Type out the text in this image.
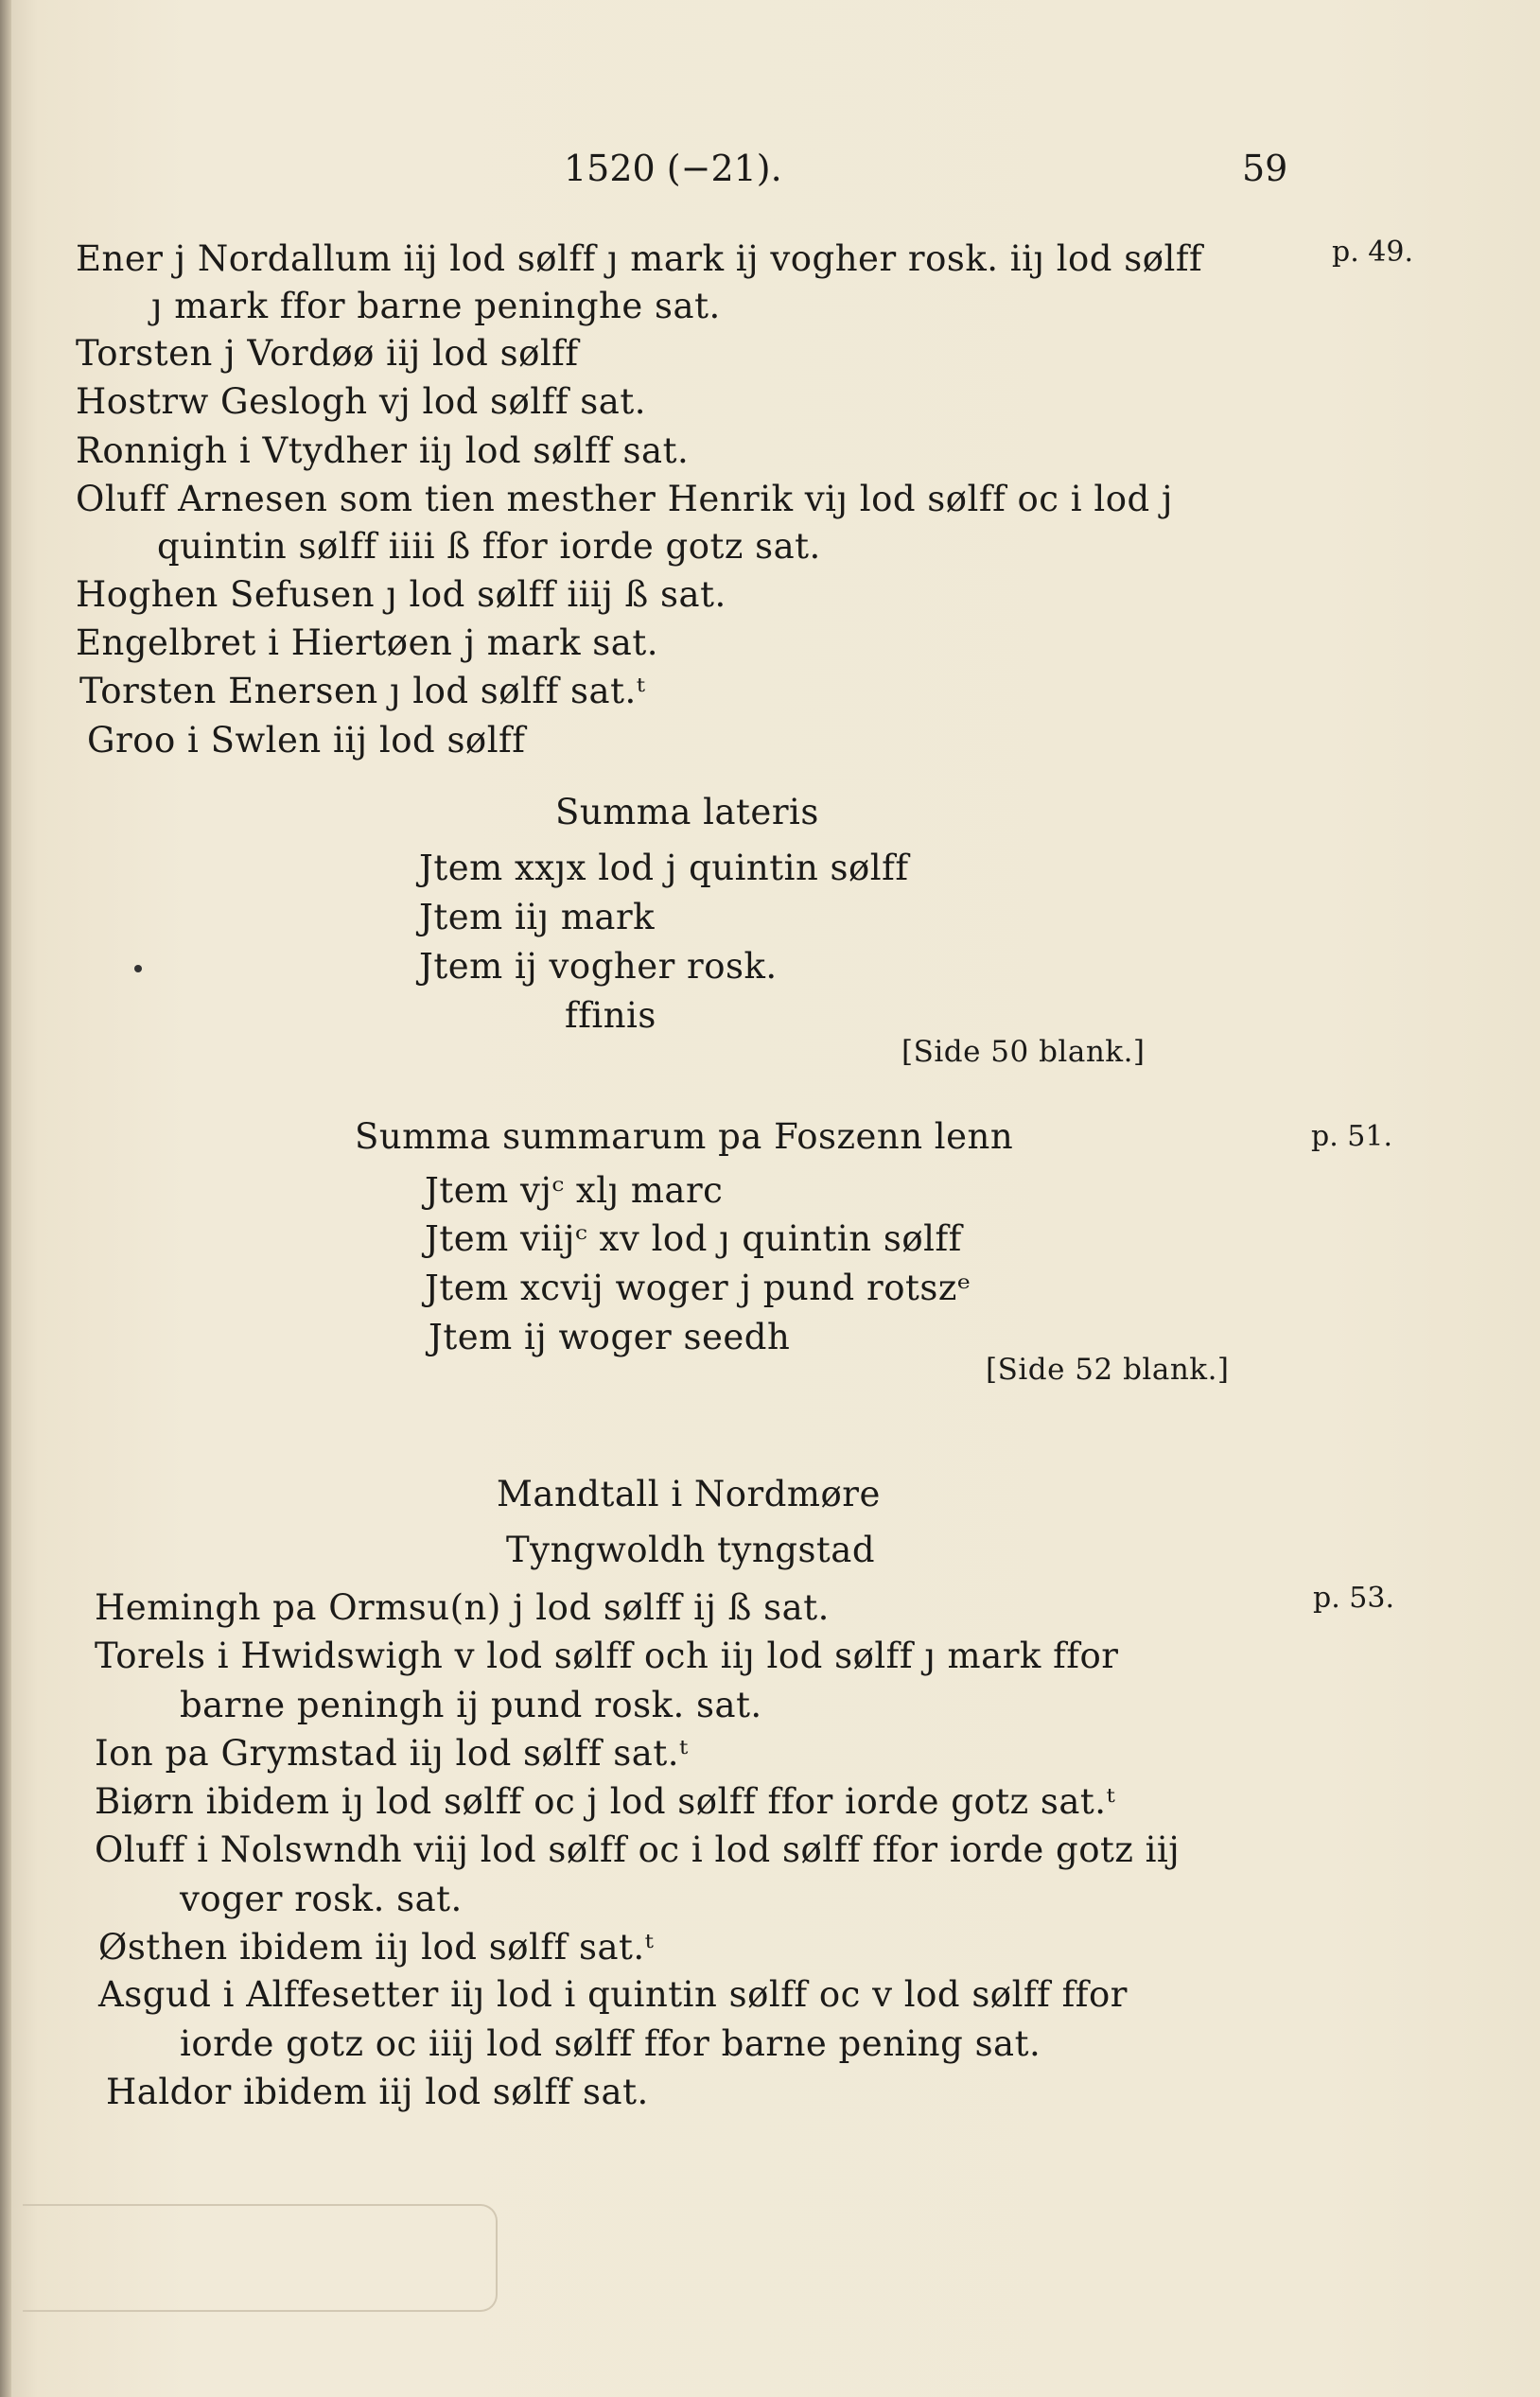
1520 (−21).	59
p. 49.
p. 51.
p. 53.
Ener j Nordallum iij lod sølff ȷ mark ij vogher rosk. iiȷ lod sølff
ȷ mark ffor barne peninghe sat.
Torsten j Vordøø iij lod sølff
Hostrw Geslogh vj lod sølff sat.
Ronnigh i Vtydher iiȷ lod sølff sat.
Oluff Arnesen som tien mesther Henrik viȷ lod sølff oc i lod j
quintin sølff iiii ß ffor iorde gotz sat.
Hoghen Sefusen ȷ lod sølff iiij ß sat.
Engelbret i Hiertøen j mark sat.
Torsten Enersen ȷ lod sølff sat.ᵗ
Groo i Swlen iij lod sølff
Summa lateris
Jtem xxȷx lod j quintin sølff
Jtem iiȷ mark
Jtem ij vogher rosk.
ffinis
[Side 50 blank.]
Summa summarum pa Foszenn lenn
Jtem vjᶜ xlȷ marc
Jtem viijᶜ xv lod ȷ quintin sølff
Jtem xcvij woger j pund rotszᵉ
Jtem ij woger seedh
[Side 52 blank.]
Mandtall i Nordmøre
Tyngwoldh tyngstad
Hemingh pa Ormsu(n) j lod sølff ij ß sat.
Torels i Hwidswigh v lod sølff och iiȷ lod sølff ȷ mark ffor
barne peningh ij pund rosk. sat.
Ion pa Grymstad iiȷ lod sølff sat.ᵗ
Biørn ibidem iȷ lod sølff oc j lod sølff ffor iorde gotz sat.ᵗ
Oluff i Nolswndh viij lod sølff oc i lod sølff ffor iorde gotz iij
voger rosk. sat.
Østhen ibidem iiȷ lod sølff sat.ᵗ
Asgud i Alffesetter iiȷ lod i quintin sølff oc v lod sølff ffor
iorde gotz oc iiij lod sølff ffor barne pening sat.
Haldor ibidem iij lod sølff sat.
